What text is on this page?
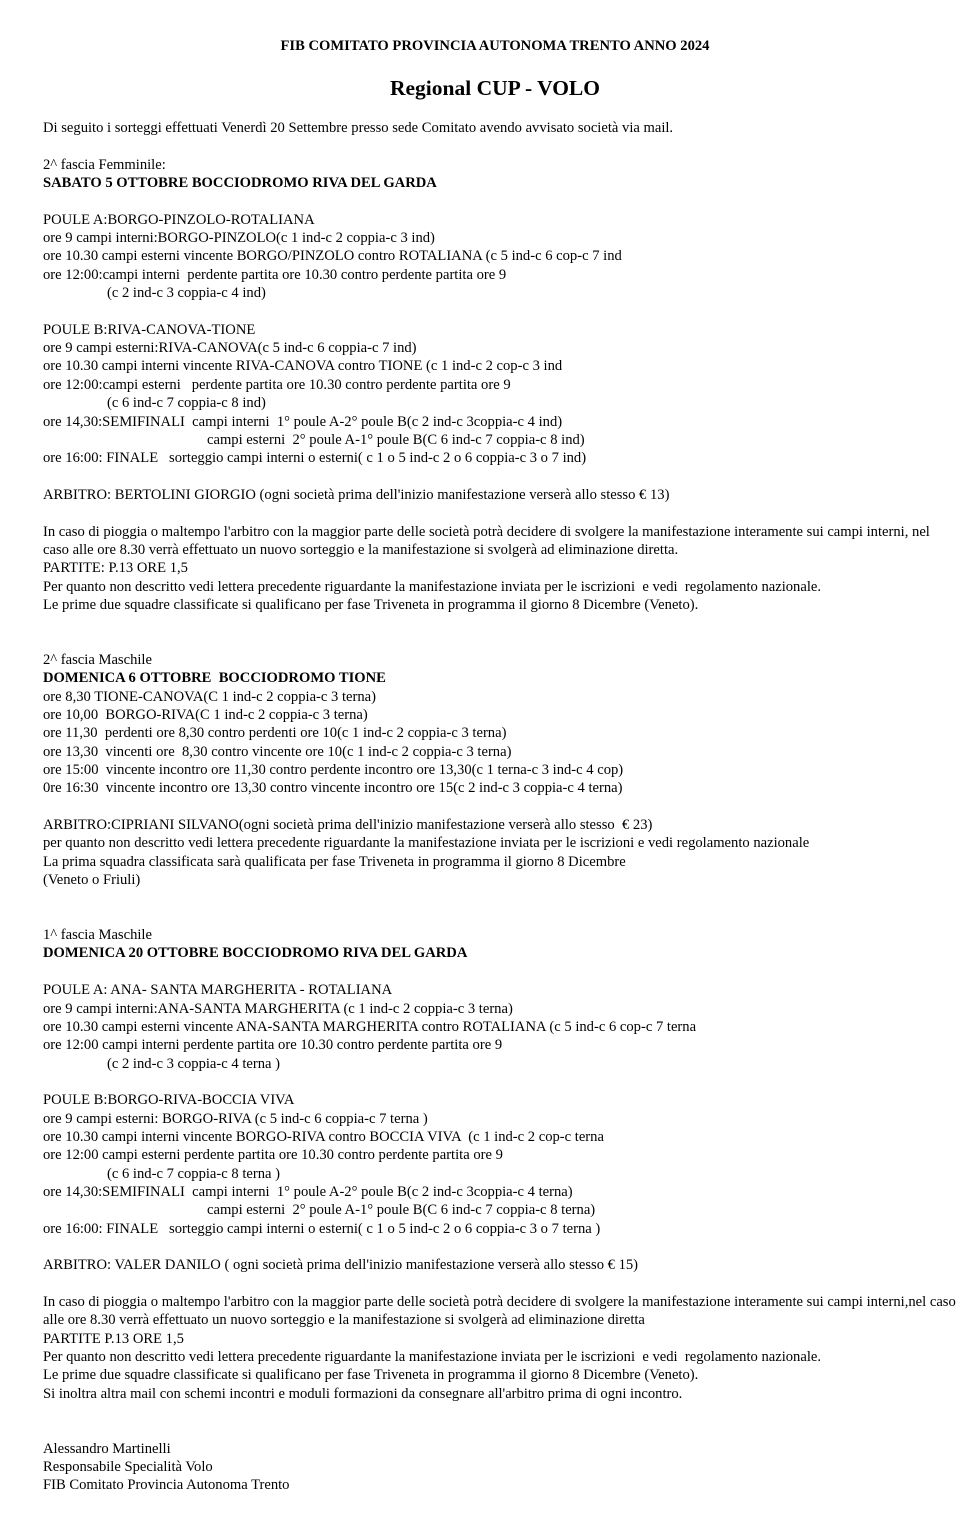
FIB COMITATO PROVINCIA AUTONOMA TRENTO ANNO 2024
Regional CUP - VOLO
Di seguito i sorteggi effettuati Venerdì 20 Settembre presso sede Comitato avendo avvisato società via mail.
2^ fascia Femminile:
SABATO 5 OTTOBRE BOCCIODROMO RIVA DEL GARDA
POULE A:BORGO-PINZOLO-ROTALIANA
ore 9 campi interni:BORGO-PINZOLO(c 1 ind-c 2 coppia-c 3 ind)
ore 10.30 campi esterni vincente BORGO/PINZOLO contro ROTALIANA (c 5 ind-c 6 cop-c 7 ind
ore 12:00:campi interni  perdente partita ore 10.30 contro perdente partita ore 9
(c 2 ind-c 3 coppia-c 4 ind)
POULE B:RIVA-CANOVA-TIONE
ore 9 campi esterni:RIVA-CANOVA(c 5 ind-c 6 coppia-c 7 ind)
ore 10.30 campi interni vincente RIVA-CANOVA contro TIONE (c 1 ind-c 2 cop-c 3 ind
ore 12:00:campi esterni   perdente partita ore 10.30 contro perdente partita ore 9
(c 6 ind-c 7 coppia-c 8 ind)
ore 14,30:SEMIFINALI  campi interni  1° poule A-2° poule B(c 2 ind-c 3coppia-c 4 ind)
campi esterni  2° poule A-1° poule B(C 6 ind-c 7 coppia-c 8 ind)
ore 16:00: FINALE   sorteggio campi interni o esterni( c 1 o 5 ind-c 2 o 6 coppia-c 3 o 7 ind)
ARBITRO: BERTOLINI GIORGIO (ogni società prima dell'inizio manifestazione verserà allo stesso € 13)
In caso di pioggia o maltempo l'arbitro con la maggior parte delle società potrà decidere di svolgere la manifestazione interamente sui campi interni, nel caso alle ore 8.30 verrà effettuato un nuovo sorteggio e la manifestazione si svolgerà ad eliminazione diretta.
PARTITE: P.13 ORE 1,5
Per quanto non descritto vedi lettera precedente riguardante la manifestazione inviata per le iscrizioni  e vedi  regolamento nazionale.
Le prime due squadre classificate si qualificano per fase Triveneta in programma il giorno 8 Dicembre (Veneto).
2^ fascia Maschile
DOMENICA 6 OTTOBRE  BOCCIODROMO TIONE
ore 8,30 TIONE-CANOVA(C 1 ind-c 2 coppia-c 3 terna)
ore 10,00  BORGO-RIVA(C 1 ind-c 2 coppia-c 3 terna)
ore 11,30  perdenti ore 8,30 contro perdenti ore 10(c 1 ind-c 2 coppia-c 3 terna)
ore 13,30  vincenti ore  8,30 contro vincente ore 10(c 1 ind-c 2 coppia-c 3 terna)
ore 15:00  vincente incontro ore 11,30 contro perdente incontro ore 13,30(c 1 terna-c 3 ind-c 4 cop)
0re 16:30  vincente incontro ore 13,30 contro vincente incontro ore 15(c 2 ind-c 3 coppia-c 4 terna)
ARBITRO:CIPRIANI SILVANO(ogni società prima dell'inizio manifestazione verserà allo stesso  € 23)
per quanto non descritto vedi lettera precedente riguardante la manifestazione inviata per le iscrizioni e vedi regolamento nazionale
La prima squadra classificata sarà qualificata per fase Triveneta in programma il giorno 8 Dicembre
(Veneto o Friuli)
1^ fascia Maschile
DOMENICA 20 OTTOBRE BOCCIODROMO RIVA DEL GARDA
POULE A: ANA- SANTA MARGHERITA - ROTALIANA
ore 9 campi interni:ANA-SANTA MARGHERITA (c 1 ind-c 2 coppia-c 3 terna)
ore 10.30 campi esterni vincente ANA-SANTA MARGHERITA contro ROTALIANA (c 5 ind-c 6 cop-c 7 terna
ore 12:00 campi interni perdente partita ore 10.30 contro perdente partita ore 9
(c 2 ind-c 3 coppia-c 4 terna )
POULE B:BORGO-RIVA-BOCCIA VIVA
ore 9 campi esterni: BORGO-RIVA (c 5 ind-c 6 coppia-c 7 terna )
ore 10.30 campi interni vincente BORGO-RIVA contro BOCCIA VIVA  (c 1 ind-c 2 cop-c terna
ore 12:00 campi esterni perdente partita ore 10.30 contro perdente partita ore 9
(c 6 ind-c 7 coppia-c 8 terna )
ore 14,30:SEMIFINALI  campi interni  1° poule A-2° poule B(c 2 ind-c 3coppia-c 4 terna)
campi esterni  2° poule A-1° poule B(C 6 ind-c 7 coppia-c 8 terna)
ore 16:00: FINALE   sorteggio campi interni o esterni( c 1 o 5 ind-c 2 o 6 coppia-c 3 o 7 terna )
ARBITRO: VALER DANILO ( ogni società prima dell'inizio manifestazione verserà allo stesso € 15)
In caso di pioggia o maltempo l'arbitro con la maggior parte delle società potrà decidere di svolgere la manifestazione interamente sui campi interni,nel caso alle ore 8.30 verrà effettuato un nuovo sorteggio e la manifestazione si svolgerà ad eliminazione diretta
PARTITE P.13 ORE 1,5
Per quanto non descritto vedi lettera precedente riguardante la manifestazione inviata per le iscrizioni  e vedi  regolamento nazionale.
Le prime due squadre classificate si qualificano per fase Triveneta in programma il giorno 8 Dicembre (Veneto).
Si inoltra altra mail con schemi incontri e moduli formazioni da consegnare all'arbitro prima di ogni incontro.
Alessandro Martinelli
Responsabile Specialità Volo
FIB Comitato Provincia Autonoma Trento
